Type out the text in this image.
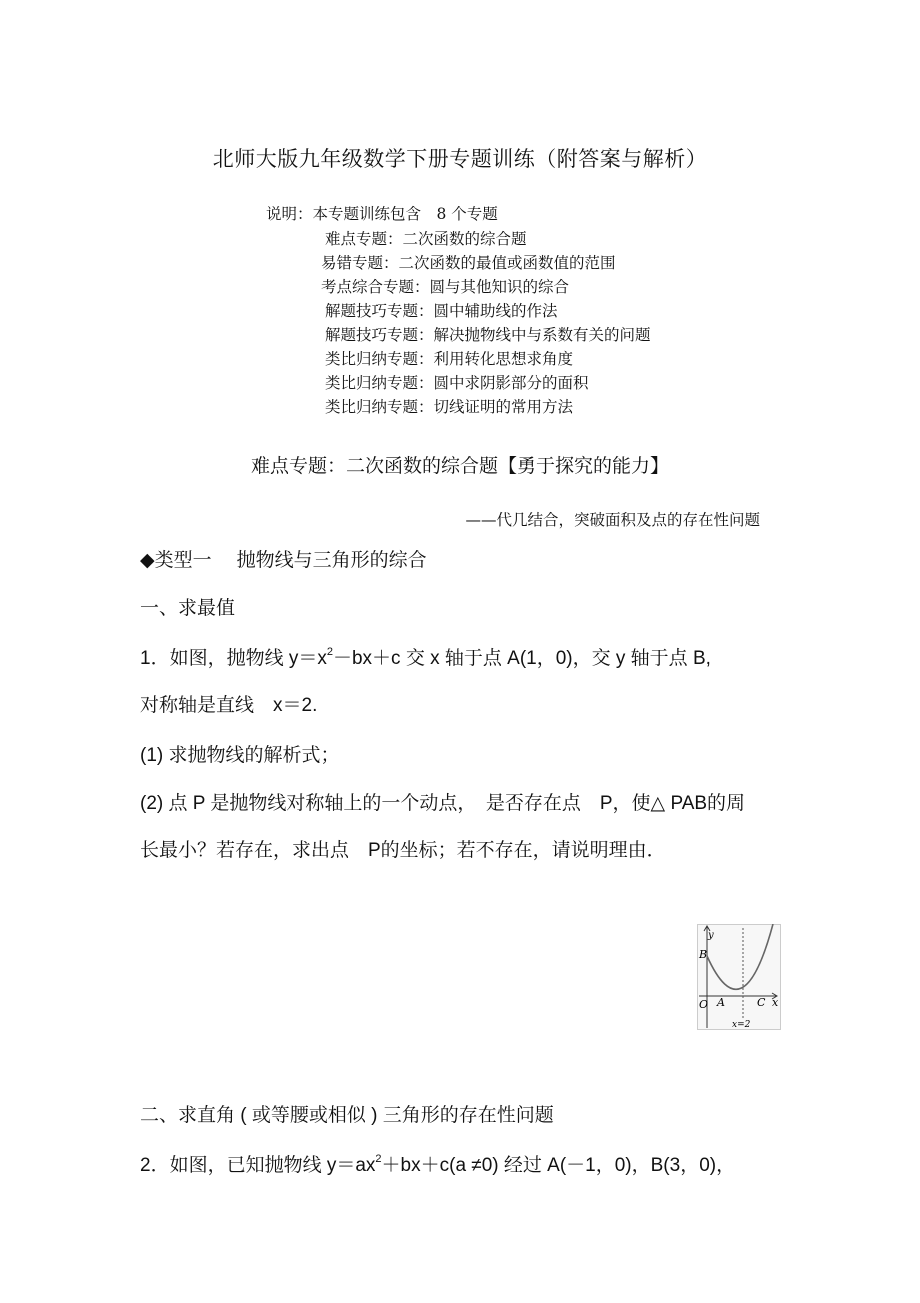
北师大版九年级数学下册专题训练（附答案与解析）
说明：本专题训练包含　8 个专题
难点专题：二次函数的综合题
易错专题：二次函数的最值或函数值的范围
考点综合专题：圆与其他知识的综合
解题技巧专题：圆中辅助线的作法
解题技巧专题：解决抛物线中与系数有关的问题
类比归纳专题：利用转化思想求角度
类比归纳专题：圆中求阴影部分的面积
类比归纳专题：切线证明的常用方法
难点专题：二次函数的综合题【勇于探究的能力】
——代几结合，突破面积及点的存在性问题
◆类型一　 抛物线与三角形的综合
一、求最值
1．如图，抛物线 $y=x^2-bx+c$ 交 x 轴于点 A(1，0)，交 y 轴于点 B,
对称轴是直线　x＝2.
(1) 求抛物线的解析式；
(2) 点 P 是抛物线对称轴上的一个动点，　是否存在点　P，使△ PAB的周
长最小？若存在，求出点　P的坐标；若不存在，请说明理由．
y
x
O
B
A	C
x=2
二、求直角 ( 或等腰或相似 ) 三角形的存在性问题
2．如图，已知抛物线 $y=ax^2+bx+c(a \ne 0)$ 经过 A(－1，0)，B(3，0)，
